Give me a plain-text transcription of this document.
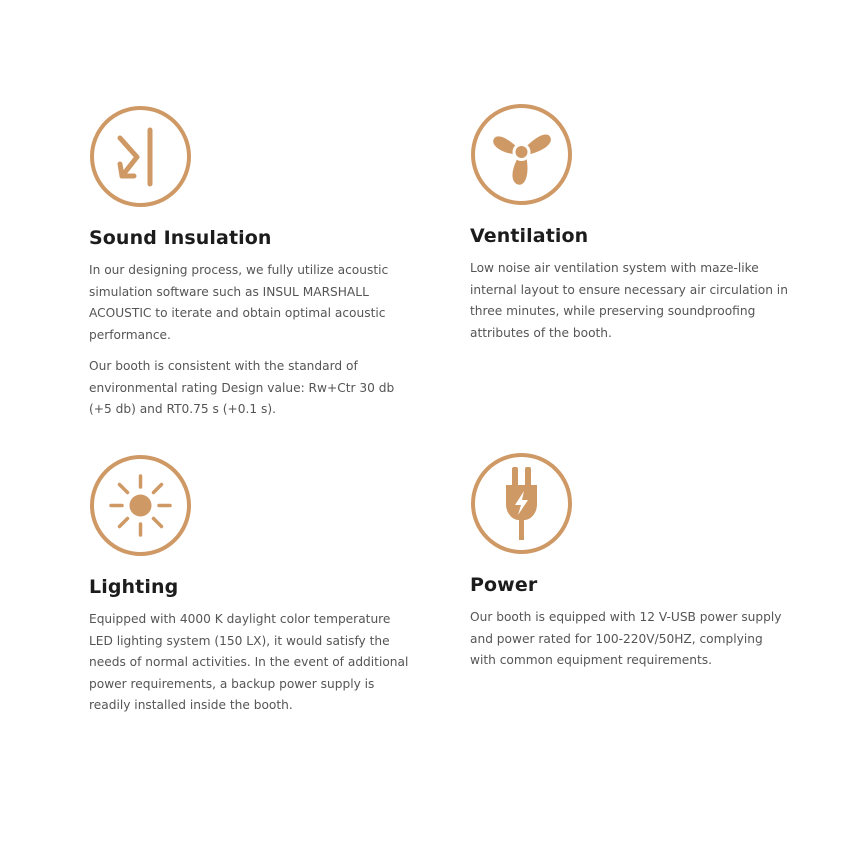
Sound Insulation

In our designing process, we fully utilize acoustic simulation software such as INSUL MARSHALL ACOUSTIC to iterate and obtain optimal acoustic performance.

Our booth is consistent with the standard of environmental rating Design value: Rw+Ctr 30 db (+5 db) and RT0.75 s (+0.1 s).

Ventilation

Low noise air ventilation system with maze-like internal layout to ensure necessary air circulation in three minutes, while preserving soundproofing attributes of the booth.

Lighting

Equipped with 4000 K daylight color temperature LED lighting system (150 LX), it would satisfy the needs of normal activities. In the event of additional power requirements, a backup power supply is readily installed inside the booth.

Power

Our booth is equipped with 12 V-USB power supply and power rated for 100-220V/50HZ, complying with common equipment requirements.
